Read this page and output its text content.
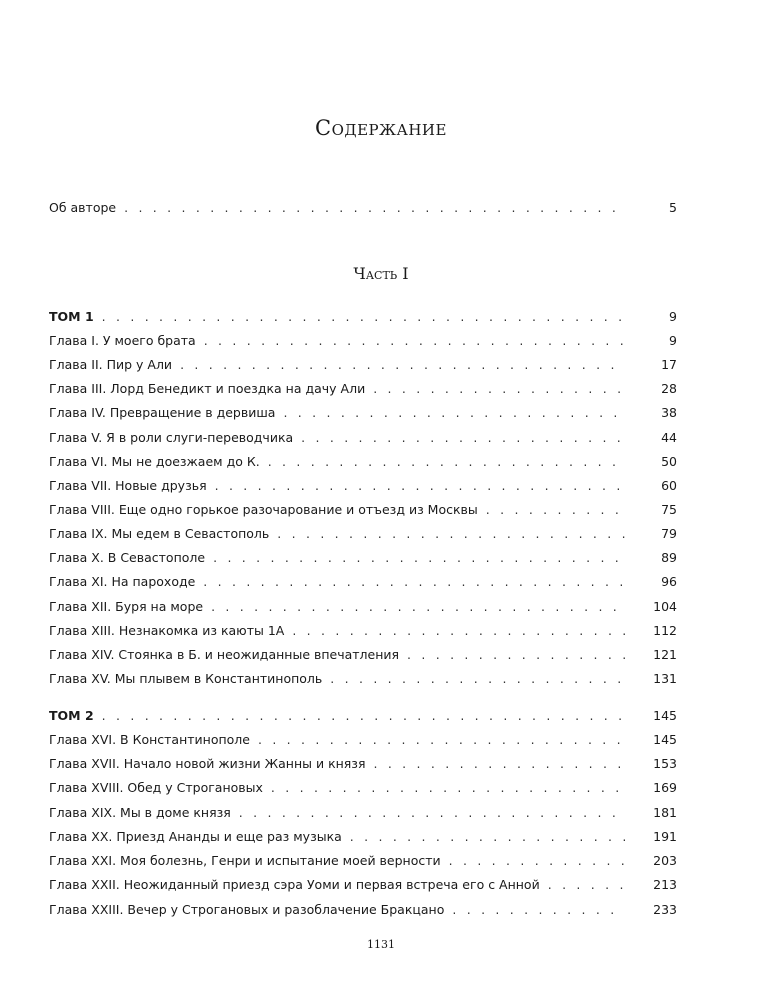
Содержание
Об авторе . . .	5
Часть I
ТОМ 1 . . .	9
Глава I. У моего брата . . .	9
Глава II. Пир у Али . . .	17
Глава III. Лорд Бенедикт и поездка на дачу Али . . .	28
Глава IV. Превращение в дервиша . . .	38
Глава V. Я в роли слуги-переводчика . . .	44
Глава VI. Мы не доезжаем до К. . . .	50
Глава VII. Новые друзья . . .	60
Глава VIII. Еще одно горькое разочарование и отъезд из Москвы . . .	75
Глава IX. Мы едем в Севастополь . . .	79
Глава X. В Севастополе . . .	89
Глава XI. На пароходе . . .	96
Глава XII. Буря на море . . .	104
Глава XIII. Незнакомка из каюты 1А . . .	112
Глава XIV. Стоянка в Б. и неожиданные впечатления . . .	121
Глава XV. Мы плывем в Константинополь . . .	131
ТОМ 2 . . .	145
Глава XVI. В Константинополе . . .	145
Глава XVII. Начало новой жизни Жанны и князя . . .	153
Глава XVIII. Обед у Строгановых . . .	169
Глава XIX. Мы в доме князя . . .	181
Глава XX. Приезд Ананды и еще раз музыка . . .	191
Глава XXI. Моя болезнь, Генри и испытание моей верности . . .	203
Глава XXII. Неожиданный приезд сэра Уоми и первая встреча его с Анной . . .	213
Глава XXIII. Вечер у Строгановых и разоблачение Бракцано . . .	233
1131
